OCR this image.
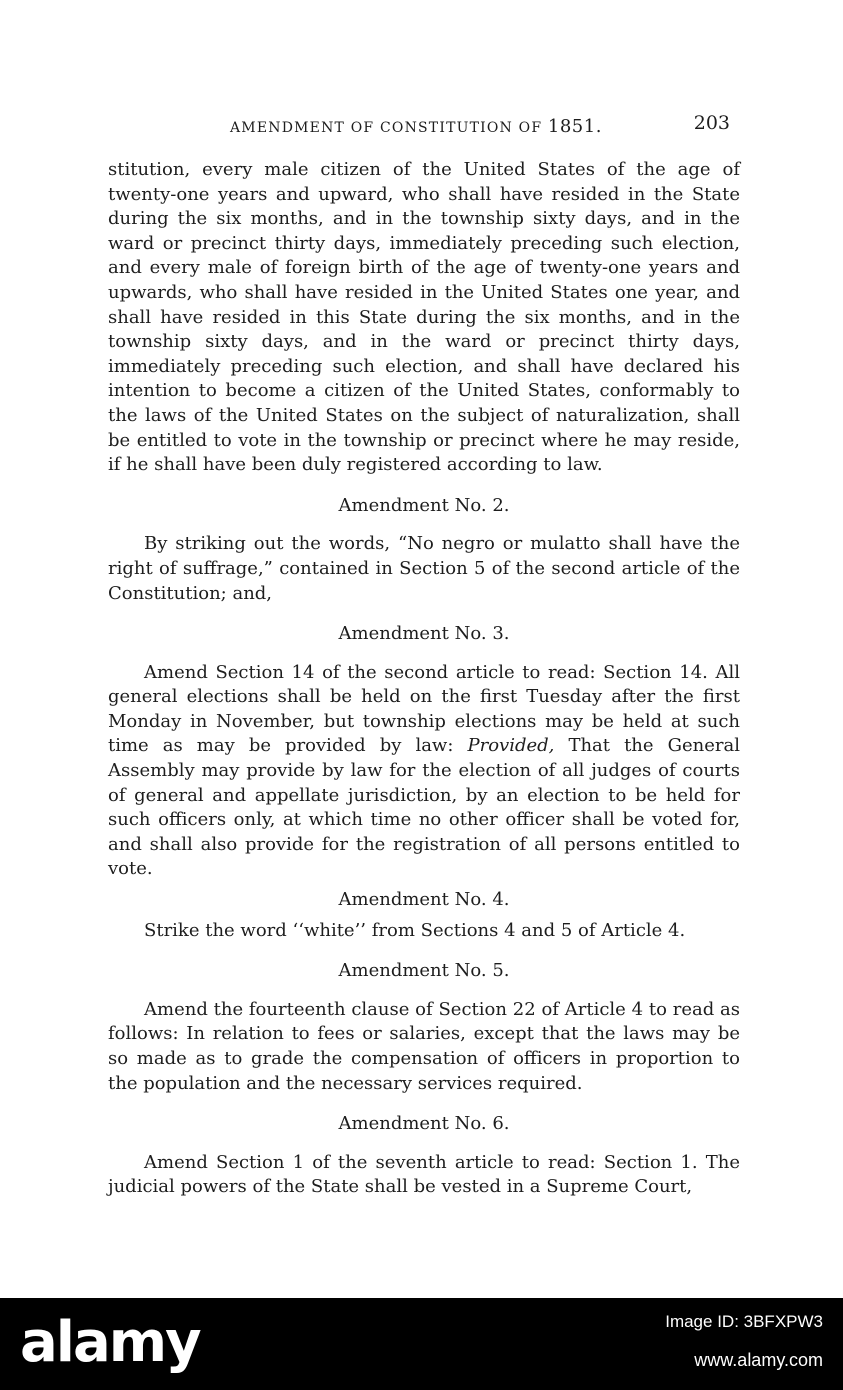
AMENDMENT OF CONSTITUTION OF 1851.	203

stitution, every male citizen of the United States of the age of twenty-one years and upward, who shall have resided in the State during the six months, and in the township sixty days, and in the ward or precinct thirty days, immediately preceding such election, and every male of foreign birth of the age of twenty-one years and upwards, who shall have resided in the United States one year, and shall have resided in this State during the six months, and in the township sixty days, and in the ward or precinct thirty days, immediately preceding such election, and shall have declared his intention to become a citizen of the United States, conformably to the laws of the United States on the subject of naturalization, shall be entitled to vote in the township or precinct where he may reside, if he shall have been duly registered according to law.

Amendment No. 2.

By striking out the words, “No negro or mulatto shall have the right of suffrage,” contained in Section 5 of the second article of the Constitution; and,

Amendment No. 3.

Amend Section 14 of the second article to read: Section 14. All general elections shall be held on the first Tuesday after the first Monday in November, but township elections may be held at such time as may be provided by law: Provided, That the General Assembly may provide by law for the election of all judges of courts of general and appellate jurisdiction, by an election to be held for such officers only, at which time no other officer shall be voted for, and shall also provide for the registration of all persons entitled to vote.

Amendment No. 4.

Strike the word ‘‘white’’ from Sections 4 and 5 of Article 4.

Amendment No. 5.

Amend the fourteenth clause of Section 22 of Article 4 to read as follows: In relation to fees or salaries, except that the laws may be so made as to grade the compensation of officers in proportion to the population and the necessary services required.

Amendment No. 6.

Amend Section 1 of the seventh article to read: Section 1. The judicial powers of the State shall be vested in a Supreme Court,

alamy	Image ID: 3BFXPW3
www.alamy.com
